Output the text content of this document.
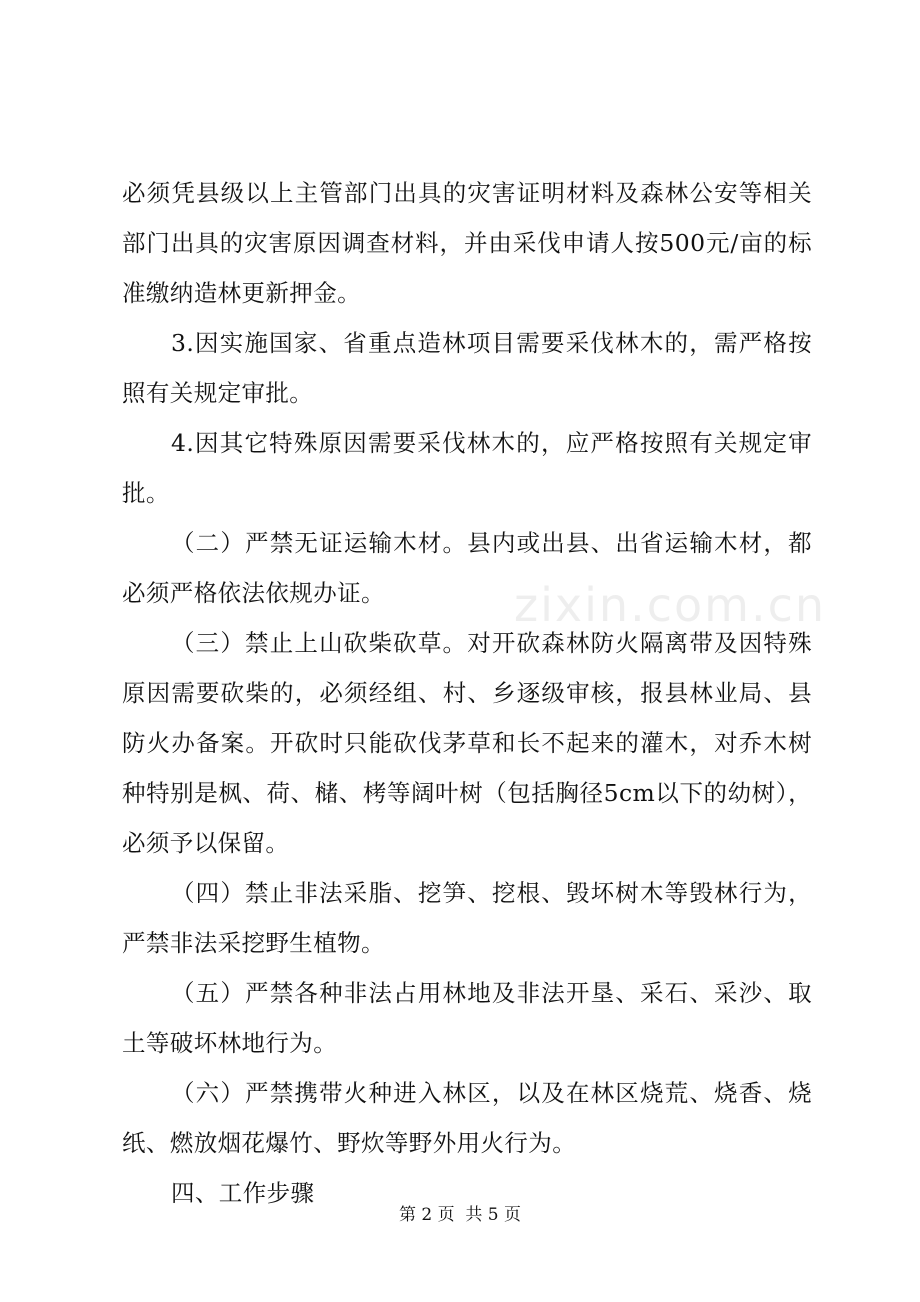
zixin.com.cn

必须凭县级以上主管部门出具的灾害证明材料及森林公安等相关部门出具的灾害原因调查材料，并由采伐申请人按500元/亩的标准缴纳造林更新押金。

3.因实施国家、省重点造林项目需要采伐林木的，需严格按照有关规定审批。

4.因其它特殊原因需要采伐林木的，应严格按照有关规定审批。

（二）严禁无证运输木材。县内或出县、出省运输木材，都必须严格依法依规办证。

（三）禁止上山砍柴砍草。对开砍森林防火隔离带及因特殊原因需要砍柴的，必须经组、村、乡逐级审核，报县林业局、县防火办备案。开砍时只能砍伐茅草和长不起来的灌木，对乔木树种特别是枫、荷、槠、栲等阔叶树（包括胸径5cm以下的幼树），必须予以保留。

（四）禁止非法采脂、挖笋、挖根、毁坏树木等毁林行为，严禁非法采挖野生植物。

（五）严禁各种非法占用林地及非法开垦、采石、采沙、取土等破坏林地行为。

（六）严禁携带火种进入林区，以及在林区烧荒、烧香、烧纸、燃放烟花爆竹、野炊等野外用火行为。

四、工作步骤

第 2 页  共 5 页
